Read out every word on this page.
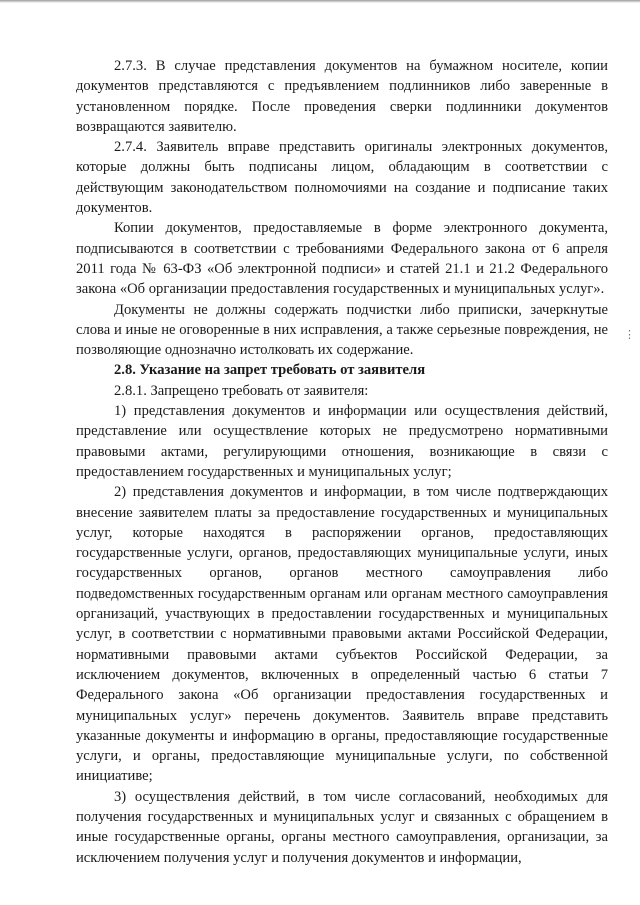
2.7.3. В случае представления документов на бумажном носителе, копии документов представляются с предъявлением подлинников либо заверенные в установленном порядке. После проведения сверки подлинники документов возвращаются заявителю.

2.7.4. Заявитель вправе представить оригиналы электронных документов, которые должны быть подписаны лицом, обладающим в соответствии с действующим законодательством полномочиями на создание и подписание таких документов.

Копии документов, предоставляемые в форме электронного документа, подписываются в соответствии с требованиями Федерального закона от 6 апреля 2011 года № 63-ФЗ «Об электронной подписи» и статей 21.1 и 21.2 Федерального закона «Об организации предоставления государственных и муниципальных услуг».

Документы не должны содержать подчистки либо приписки, зачеркнутые слова и иные не оговоренные в них исправления, а также серьезные повреждения, не позволяющие однозначно истолковать их содержание.

2.8. Указание на запрет требовать от заявителя

2.8.1. Запрещено требовать от заявителя:

1) представления документов и информации или осуществления действий, представление или осуществление которых не предусмотрено нормативными правовыми актами, регулирующими отношения, возникающие в связи с предоставлением государственных и муниципальных услуг;

2) представления документов и информации, в том числе подтверждающих внесение заявителем платы за предоставление государственных и муниципальных услуг, которые находятся в распоряжении органов, предоставляющих государственные услуги, органов, предоставляющих муниципальные услуги, иных государственных органов, органов местного самоуправления либо подведомственных государственным органам или органам местного самоуправления организаций, участвующих в предоставлении государственных и муниципальных услуг, в соответствии с нормативными правовыми актами Российской Федерации, нормативными правовыми актами субъектов Российской Федерации, за исключением документов, включенных в определенный частью 6 статьи 7 Федерального закона «Об организации предоставления государственных и муниципальных услуг» перечень документов. Заявитель вправе представить указанные документы и информацию в органы, предоставляющие государственные услуги, и органы, предоставляющие муниципальные услуги, по собственной инициативе;

3) осуществления действий, в том числе согласований, необходимых для получения государственных и муниципальных услуг и связанных с обращением в иные государственные органы, органы местного самоуправления, организации, за исключением получения услуг и получения документов и информации,

⋮
